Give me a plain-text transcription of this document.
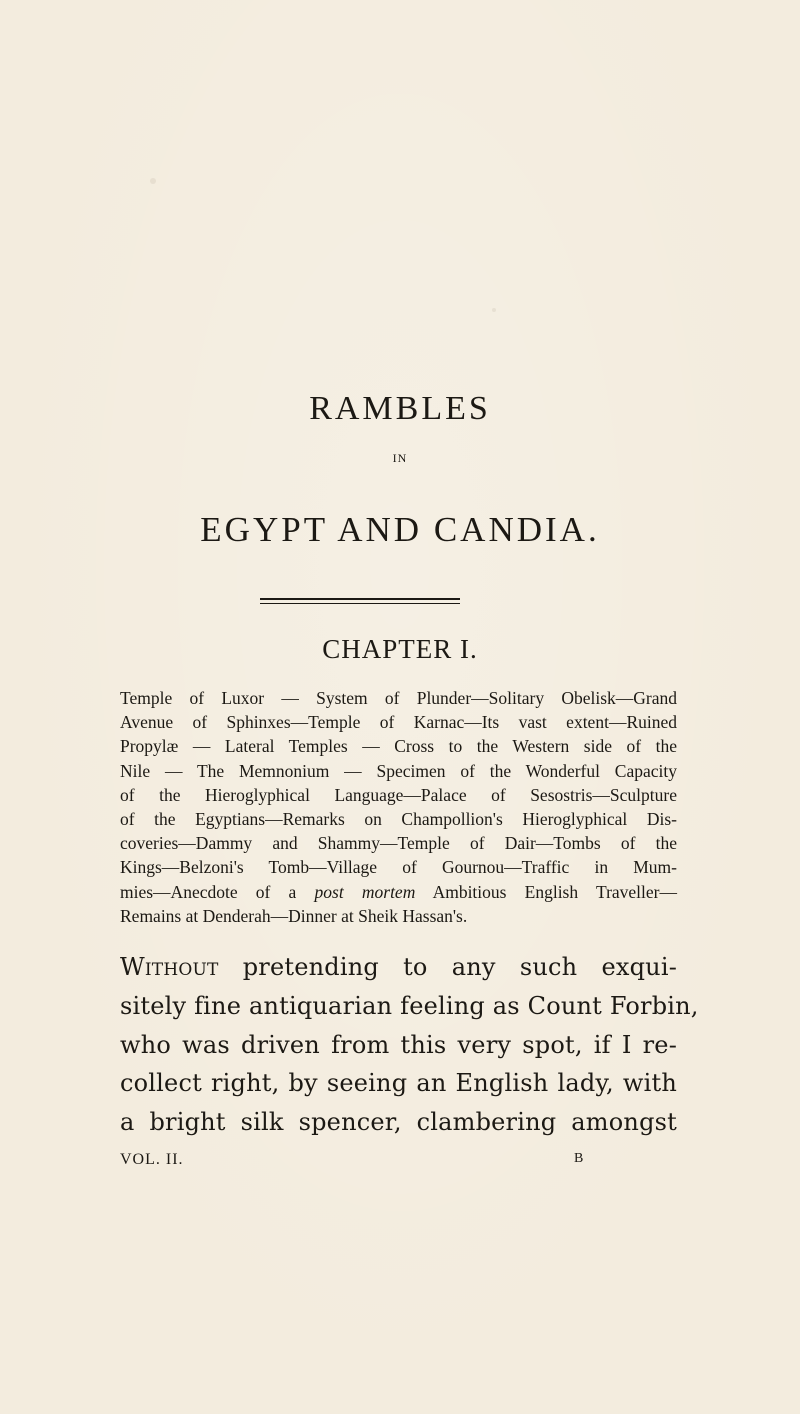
RAMBLES
IN
EGYPT AND CANDIA.
CHAPTER I.
Temple of Luxor — System of Plunder—Solitary Obelisk—Grand
Avenue of Sphinxes—Temple of Karnac—Its vast extent—Ruined
Propylæ — Lateral Temples — Cross to the Western side of the
Nile — The Memnonium — Specimen of the Wonderful Capacity
of the Hieroglyphical Language—Palace of Sesostris—Sculpture
of the Egyptians—Remarks on Champollion's Hieroglyphical Dis-
coveries—Dammy and Shammy—Temple of Dair—Tombs of the
Kings—Belzoni's Tomb—Village of Gournou—Traffic in Mum-
mies—Anecdote of a post mortem Ambitious English Traveller—
Remains at Denderah—Dinner at Sheik Hassan's.
Without pretending to any such exqui-
sitely fine antiquarian feeling as Count Forbin,
who was driven from this very spot, if I re-
collect right, by seeing an English lady, with
a bright silk spencer, clambering amongst
VOL. II.	B
